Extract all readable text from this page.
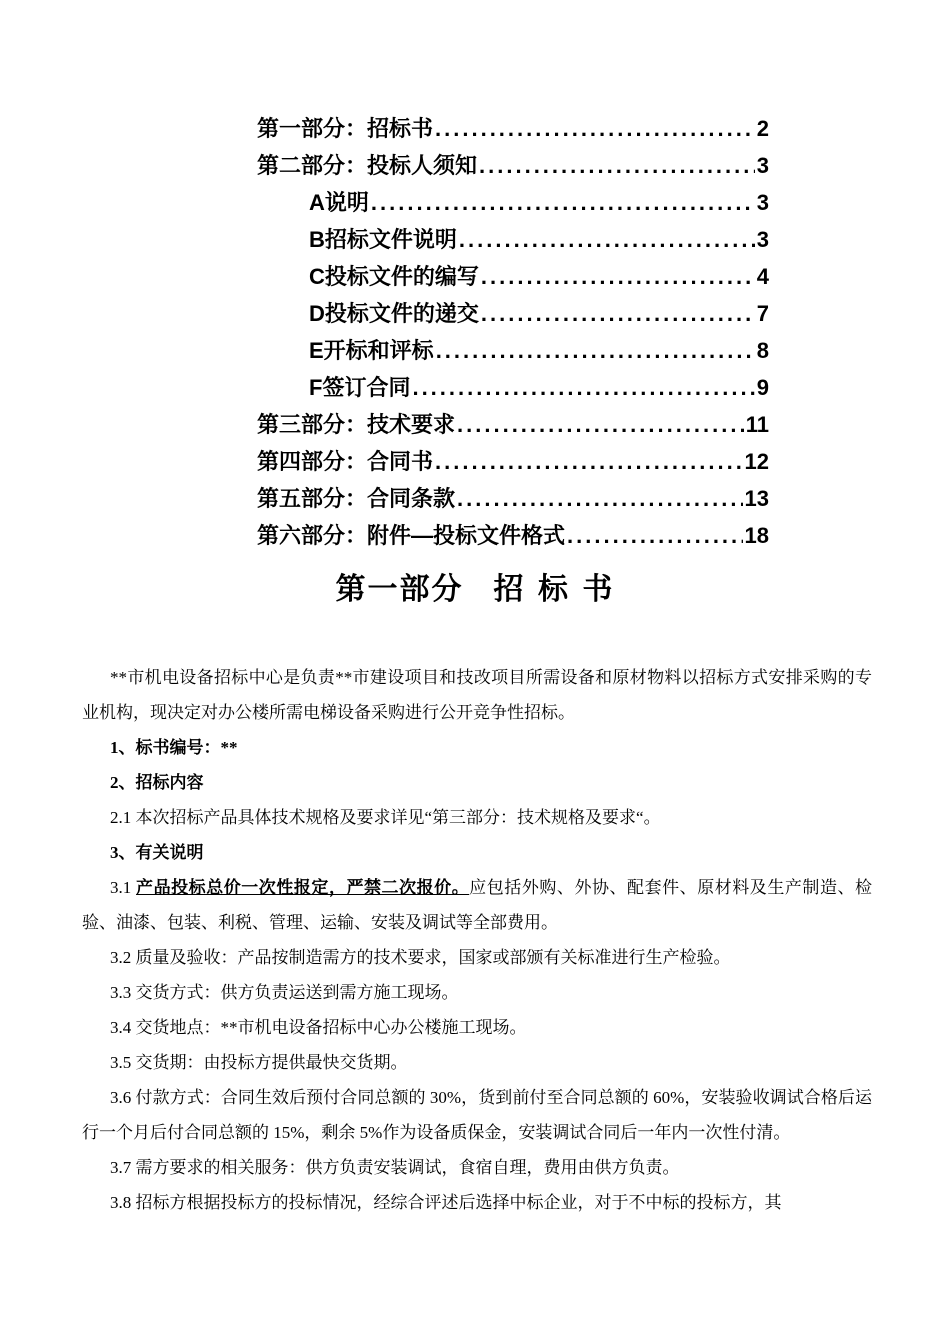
第一部分：招标书 .....	2
第二部分：投标人须知 .....	3
A说明 .....	3
B招标文件说明 .....	3
C投标文件的编写 .....	4
D投标文件的递交 .....	7
E开标和评标 .....	8
F签订合同 .....	9
第三部分：技术要求 .....	11
第四部分：合同书 .....	12
第五部分：合同条款 .....	13
第六部分：附件—投标文件格式 .....	18
第一部分 招 标 书

**市机电设备招标中心是负责**市建设项目和技改项目所需设备和原材物料以招标方式安排采购的专业机构，现决定对办公楼所需电梯设备采购进行公开竞争性招标。

1、标书编号：**

2、招标内容

2.1 本次招标产品具体技术规格及要求详见“第三部分：技术规格及要求“。

3、有关说明

3.1 产品投标总价一次性报定，严禁二次报价。应包括外购、外协、配套件、原材料及生产制造、检验、油漆、包装、利税、管理、运输、安装及调试等全部费用。

3.2 质量及验收：产品按制造需方的技术要求，国家或部颁有关标准进行生产检验。

3.3 交货方式：供方负责运送到需方施工现场。

3.4 交货地点：**市机电设备招标中心办公楼施工现场。

3.5 交货期：由投标方提供最快交货期。

3.6 付款方式：合同生效后预付合同总额的 30%，货到前付至合同总额的 60%，安装验收调试合格后运行一个月后付合同总额的 15%，剩余 5%作为设备质保金，安装调试合同后一年内一次性付清。

3.7 需方要求的相关服务：供方负责安装调试，食宿自理，费用由供方负责。

3.8 招标方根据投标方的投标情况，经综合评述后选择中标企业，对于不中标的投标方，其
